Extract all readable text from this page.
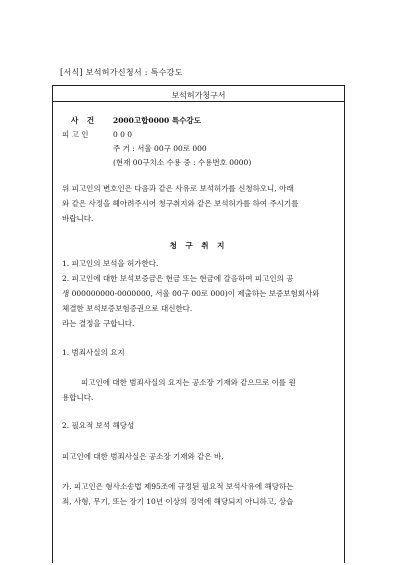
[서식] 보석허가신청서 : 특수강도
보석허가청구서
사 건	2000고합0000 특수강도
피 고 인	0 0 0
주 거 : 서울 00구 00로 000
(현재 00구치소 수용 중 : 수용번호 0000)
위 피고인의 변호인은 다음과 같은 사유로 보석허가를 신청하오니, 아래
와 같은 사정을 헤아려주시어 청구취지와 같은 보석허가를 하여 주시기를
바랍니다.
청 구 취 지
1. 피고인의 보석을 허가한다.
2. 피고인에 대한 보석보증금은 현금 또는 현금에 갈음하여 피고인의 공
생 000000000-0000000, 서울 00구 00로 000)이 제출하는 보증보험회사와
체결한 보석보증보험증권으로 대신한다.
라는 결정을 구합니다.
1. 범죄사실의 요지
피고인에 대한 범죄사실의 요지는 공소장 기재와 같으므로 이를 원
용합니다.
2. 필요적 보석 해당성
피고인에 대한 범죄사실은 공소장 기재와 같은 바,
가. 피고인은 형사소송법 제95조에 규정된 필요적 보석사유에 해당하는
죄, 사형, 무기, 또는 장기 10년 이상의 징역에 해당되지 아니하고, 상습
